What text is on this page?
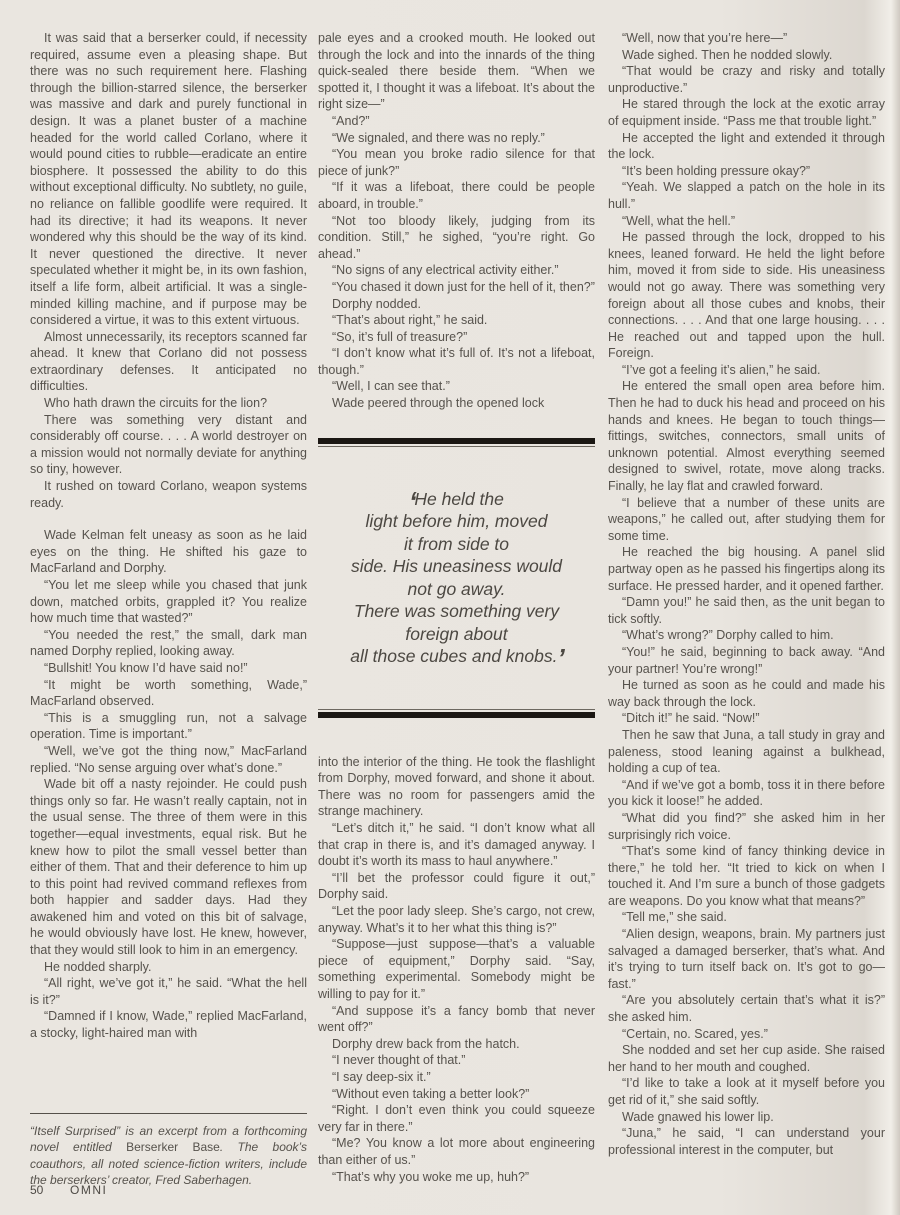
It was said that a berserker could, if necessity required, assume even a pleasing shape. But there was no such requirement here. Flashing through the billion-starred silence, the berserker was massive and dark and purely functional in design. It was a planet buster of a machine headed for the world called Corlano, where it would pound cities to rubble—eradicate an entire biosphere. It possessed the ability to do this without exceptional difficulty. No subtlety, no guile, no reliance on fallible goodlife were required. It had its directive; it had its weapons. It never wondered why this should be the way of its kind. It never questioned the directive. It never speculated whether it might be, in its own fashion, itself a life form, albeit artificial. It was a single-minded killing machine, and if purpose may be considered a virtue, it was to this extent virtuous.

Almost unnecessarily, its receptors scanned far ahead. It knew that Corlano did not possess extraordinary defenses. It anticipated no difficulties.

Who hath drawn the circuits for the lion?

There was something very distant and considerably off course. . . . A world destroyer on a mission would not normally deviate for anything so tiny, however.

It rushed on toward Corlano, weapon systems ready.

Wade Kelman felt uneasy as soon as he laid eyes on the thing. He shifted his gaze to MacFarland and Dorphy.

“You let me sleep while you chased that junk down, matched orbits, grappled it? You realize how much time that wasted?”

“You needed the rest,” the small, dark man named Dorphy replied, looking away.

“Bullshit! You know I’d have said no!”

“It might be worth something, Wade,” MacFarland observed.

“This is a smuggling run, not a salvage operation. Time is important.”

“Well, we’ve got the thing now,” MacFarland replied. “No sense arguing over what’s done.”

Wade bit off a nasty rejoinder. He could push things only so far. He wasn’t really captain, not in the usual sense. The three of them were in this together—equal investments, equal risk. But he knew how to pilot the small vessel better than either of them. That and their deference to him up to this point had revived command reflexes from both happier and sadder days. Had they awakened him and voted on this bit of salvage, he would obviously have lost. He knew, however, that they would still look to him in an emergency.

He nodded sharply.

“All right, we’ve got it,” he said. “What the hell is it?”

“Damned if I know, Wade,” replied MacFarland, a stocky, light-haired man with

“Itself Surprised” is an excerpt from a forthcoming novel entitled Berserker Base. The book’s coauthors, all noted science-fiction writers, include the berserkers’ creator, Fred Saberhagen.

pale eyes and a crooked mouth. He looked out through the lock and into the innards of the thing quick-sealed there beside them. “When we spotted it, I thought it was a lifeboat. It’s about the right size—”

“And?”

“We signaled, and there was no reply.”

“You mean you broke radio silence for that piece of junk?”

“If it was a lifeboat, there could be people aboard, in trouble.”

“Not too bloody likely, judging from its condition. Still,” he sighed, “you’re right. Go ahead.”

“No signs of any electrical activity either.”

“You chased it down just for the hell of it, then?”

Dorphy nodded.

“That’s about right,” he said.

“So, it’s full of treasure?”

“I don’t know what it’s full of. It’s not a lifeboat, though.”

“Well, I can see that.”

Wade peered through the opened lock

‘He held the
light before him, moved
it from side to
side. His uneasiness would
not go away.
There was something very
foreign about
all those cubes and knobs.’

into the interior of the thing. He took the flashlight from Dorphy, moved forward, and shone it about. There was no room for passengers amid the strange machinery.

“Let’s ditch it,” he said. “I don’t know what all that crap in there is, and it’s damaged anyway. I doubt it’s worth its mass to haul anywhere.”

“I’ll bet the professor could figure it out,” Dorphy said.

“Let the poor lady sleep. She’s cargo, not crew, anyway. What’s it to her what this thing is?”

“Suppose—just suppose—that’s a valuable piece of equipment,” Dorphy said. “Say, something experimental. Somebody might be willing to pay for it.”

“And suppose it’s a fancy bomb that never went off?”

Dorphy drew back from the hatch.

“I never thought of that.”

“I say deep-six it.”

“Without even taking a better look?”

“Right. I don’t even think you could squeeze very far in there.”

“Me? You know a lot more about engineering than either of us.”

“That’s why you woke me up, huh?”

“Well, now that you’re here—”

Wade sighed. Then he nodded slowly.

“That would be crazy and risky and totally unproductive.”

He stared through the lock at the exotic array of equipment inside. “Pass me that trouble light.”

He accepted the light and extended it through the lock.

“It’s been holding pressure okay?”

“Yeah. We slapped a patch on the hole in its hull.”

“Well, what the hell.”

He passed through the lock, dropped to his knees, leaned forward. He held the light before him, moved it from side to side. His uneasiness would not go away. There was something very foreign about all those cubes and knobs, their connections. . . . And that one large housing. . . . He reached out and tapped upon the hull. Foreign.

“I’ve got a feeling it’s alien,” he said.

He entered the small open area before him. Then he had to duck his head and proceed on his hands and knees. He began to touch things—fittings, switches, connectors, small units of unknown potential. Almost everything seemed designed to swivel, rotate, move along tracks. Finally, he lay flat and crawled forward.

“I believe that a number of these units are weapons,” he called out, after studying them for some time.

He reached the big housing. A panel slid partway open as he passed his fingertips along its surface. He pressed harder, and it opened farther.

“Damn you!” he said then, as the unit began to tick softly.

“What’s wrong?” Dorphy called to him.

“You!” he said, beginning to back away. “And your partner! You’re wrong!”

He turned as soon as he could and made his way back through the lock.

“Ditch it!” he said. “Now!”

Then he saw that Juna, a tall study in gray and paleness, stood leaning against a bulkhead, holding a cup of tea.

“And if we’ve got a bomb, toss it in there before you kick it loose!” he added.

“What did you find?” she asked him in her surprisingly rich voice.

“That’s some kind of fancy thinking device in there,” he told her. “It tried to kick on when I touched it. And I’m sure a bunch of those gadgets are weapons. Do you know what that means?”

“Tell me,” she said.

“Alien design, weapons, brain. My partners just salvaged a damaged berserker, that’s what. And it’s trying to turn itself back on. It’s got to go—fast.”

“Are you absolutely certain that’s what it is?” she asked him.

“Certain, no. Scared, yes.”

She nodded and set her cup aside. She raised her hand to her mouth and coughed.

“I’d like to take a look at it myself before you get rid of it,” she said softly.

Wade gnawed his lower lip.

“Juna,” he said, “I can understand your professional interest in the computer, but

50 OMNI
